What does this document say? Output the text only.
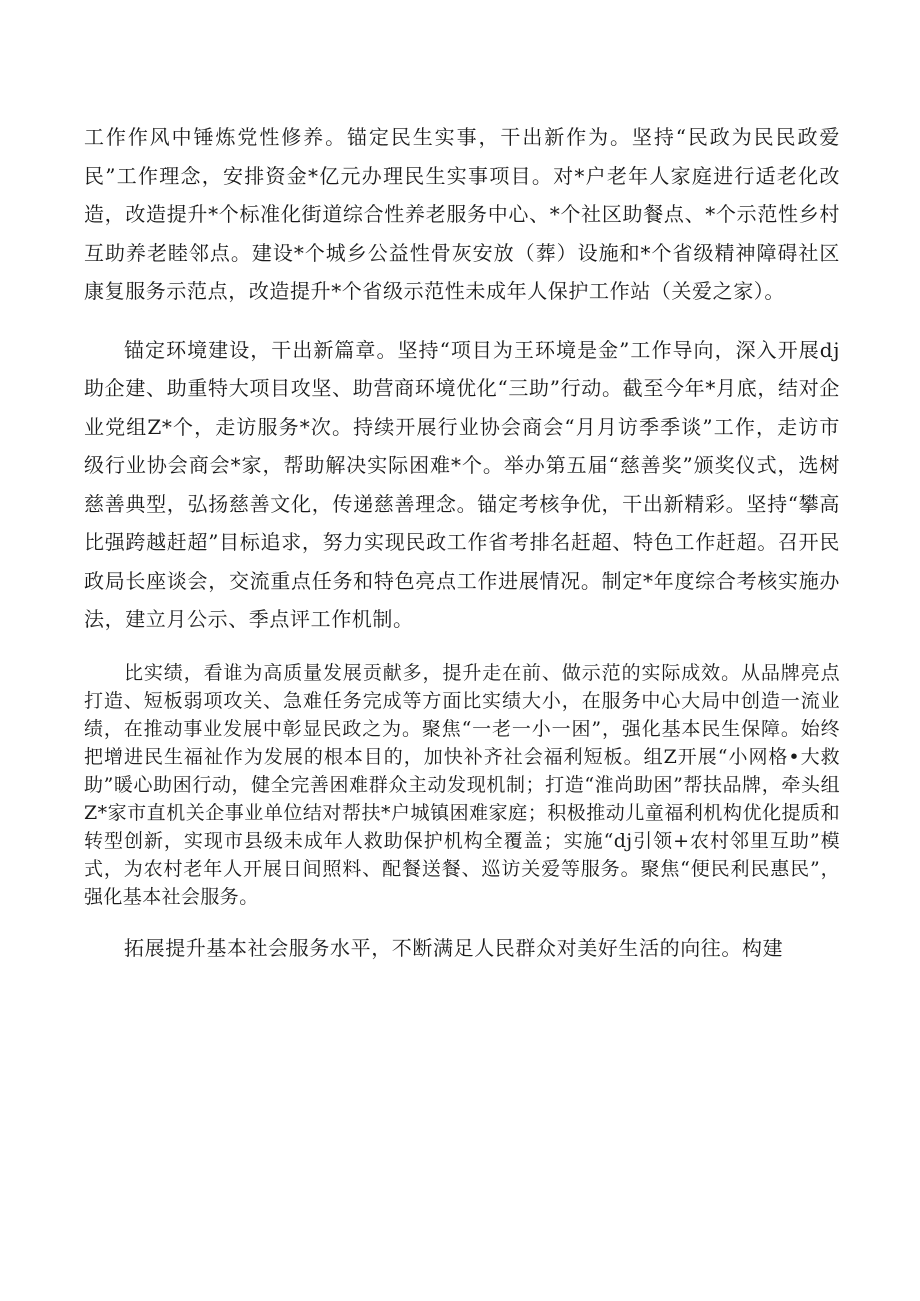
工作作风中锤炼党性修养。锚定民生实事，干出新作为。坚持“民政为民民政爱民”工作理念，安排资金*亿元办理民生实事项目。对*户老年人家庭进行适老化改造，改造提升*个标准化街道综合性养老服务中心、*个社区助餐点、*个示范性乡村互助养老睦邻点。建设*个城乡公益性骨灰安放（葬）设施和*个省级精神障碍社区康复服务示范点，改造提升*个省级示范性未成年人保护工作站（关爱之家）。

锚定环境建设，干出新篇章。坚持“项目为王环境是金”工作导向，深入开展dj助企建、助重特大项目攻坚、助营商环境优化“三助”行动。截至今年*月底，结对企业党组Z*个，走访服务*次。持续开展行业协会商会“月月访季季谈”工作，走访市级行业协会商会*家，帮助解决实际困难*个。举办第五届“慈善奖”颁奖仪式，选树慈善典型，弘扬慈善文化，传递慈善理念。锚定考核争优，干出新精彩。坚持“攀高比强跨越赶超”目标追求，努力实现民政工作省考排名赶超、特色工作赶超。召开民政局长座谈会，交流重点任务和特色亮点工作进展情况。制定*年度综合考核实施办法，建立月公示、季点评工作机制。

比实绩，看谁为高质量发展贡献多，提升走在前、做示范的实际成效。从品牌亮点打造、短板弱项攻关、急难任务完成等方面比实绩大小，在服务中心大局中创造一流业绩，在推动事业发展中彰显民政之为。聚焦“一老一小一困”，强化基本民生保障。始终把增进民生福祉作为发展的根本目的，加快补齐社会福利短板。组Z开展“小网格•大救助”暖心助困行动，健全完善困难群众主动发现机制；打造“淮尚助困”帮扶品牌，牵头组Z*家市直机关企事业单位结对帮扶*户城镇困难家庭；积极推动儿童福利机构优化提质和转型创新，实现市县级未成年人救助保护机构全覆盖；实施“dj引领+农村邻里互助”模式，为农村老年人开展日间照料、配餐送餐、巡访关爱等服务。聚焦“便民利民惠民”，强化基本社会服务。

拓展提升基本社会服务水平，不断满足人民群众对美好生活的向往。构建
